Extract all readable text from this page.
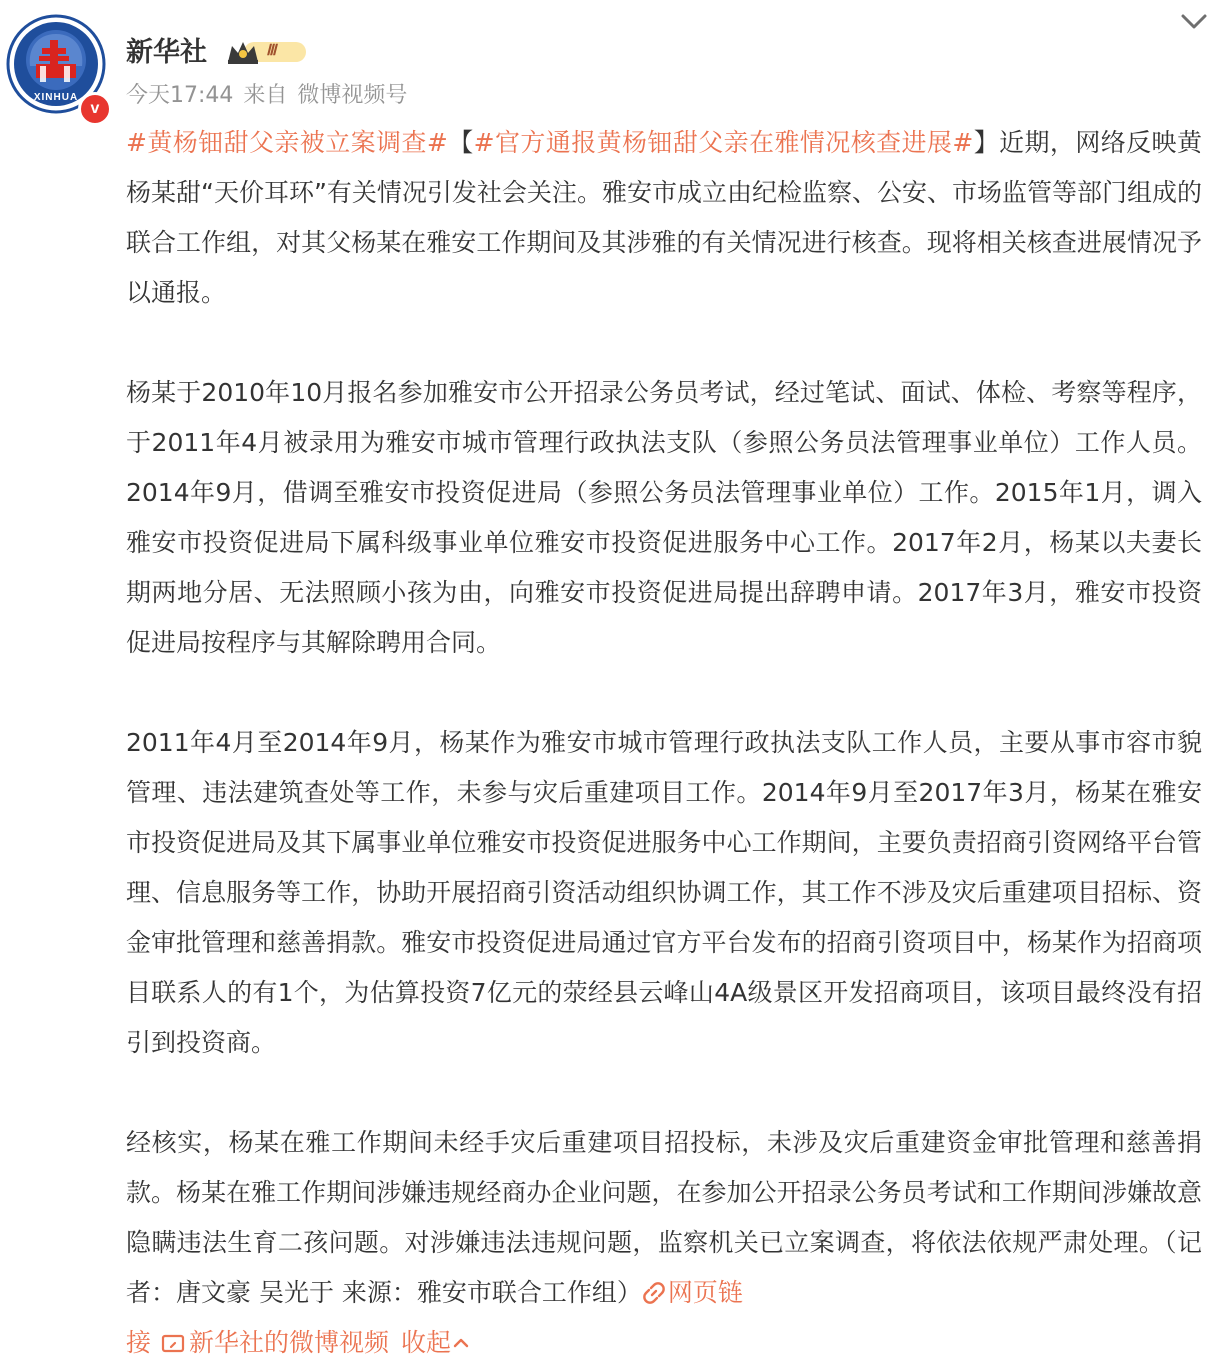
XINHUA
v
新华社	Ⅲ
今天17:44 来自 微博视频号

#黄杨钿甜父亲被立案调查#【#官方通报黄杨钿甜父亲在雅情况核查进展#】近期，网络反映黄杨某甜“天价耳环”有关情况引发社会关注。雅安市成立由纪检监察、公安、市场监管等部门组成的联合工作组，对其父杨某在雅安工作期间及其涉雅的有关情况进行核查。现将相关核查进展情况予以通报。

杨某于2010年10月报名参加雅安市公开招录公务员考试，经过笔试、面试、体检、考察等程序，于2011年4月被录用为雅安市城市管理行政执法支队（参照公务员法管理事业单位）工作人员。2014年9月，借调至雅安市投资促进局（参照公务员法管理事业单位）工作。2015年1月，调入雅安市投资促进局下属科级事业单位雅安市投资促进服务中心工作。2017年2月，杨某以夫妻长期两地分居、无法照顾小孩为由，向雅安市投资促进局提出辞聘申请。2017年3月，雅安市投资促进局按程序与其解除聘用合同。

2011年4月至2014年9月，杨某作为雅安市城市管理行政执法支队工作人员，主要从事市容市貌管理、违法建筑查处等工作，未参与灾后重建项目工作。2014年9月至2017年3月，杨某在雅安市投资促进局及其下属事业单位雅安市投资促进服务中心工作期间，主要负责招商引资网络平台管理、信息服务等工作，协助开展招商引资活动组织协调工作，其工作不涉及灾后重建项目招标、资金审批管理和慈善捐款。雅安市投资促进局通过官方平台发布的招商引资项目中，杨某作为招商项目联系人的有1个，为估算投资7亿元的荥经县云峰山4A级景区开发招商项目，该项目最终没有招引到投资商。

经核实，杨某在雅工作期间未经手灾后重建项目招投标，未涉及灾后重建资金审批管理和慈善捐款。杨某在雅工作期间涉嫌违规经商办企业问题，在参加公开招录公务员考试和工作期间涉嫌故意隐瞒违法生育二孩问题。对涉嫌违法违规问题，监察机关已立案调查，将依法依规严肃处理。（记者：唐文豪 吴光于 来源：雅安市联合工作组） 网页链

接 新华社的微博视频 收起
